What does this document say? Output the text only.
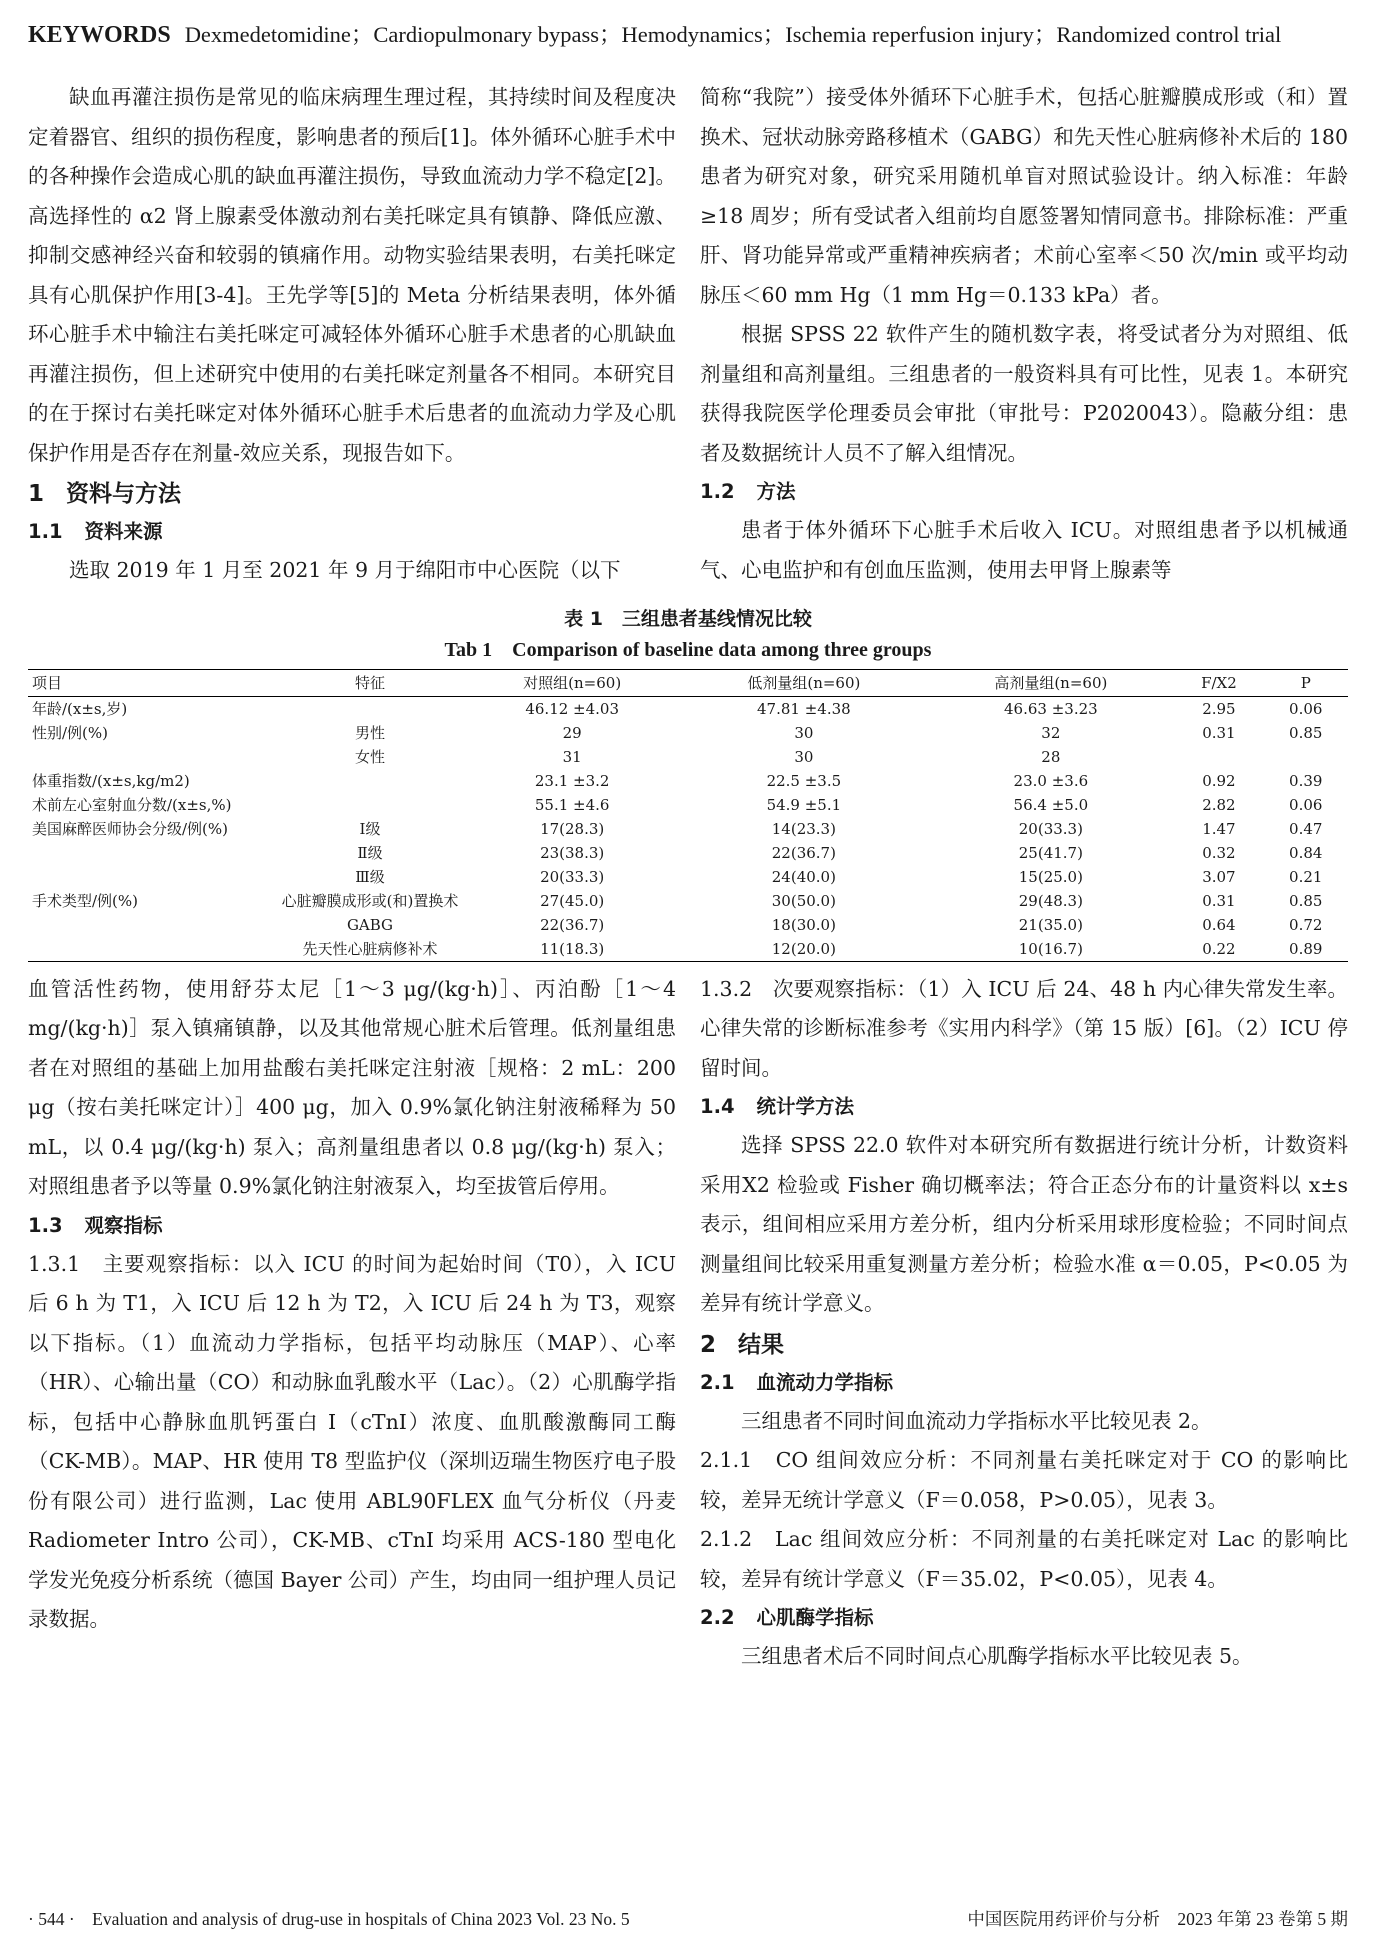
KEYWORDS Dexmedetomidine；Cardiopulmonary bypass；Hemodynamics；Ischemia reperfusion injury；Randomized control trial

缺血再灌注损伤是常见的临床病理生理过程，其持续时间及程度决定着器官、组织的损伤程度，影响患者的预后[1]。体外循环心脏手术中的各种操作会造成心肌的缺血再灌注损伤，导致血流动力学不稳定[2]。高选择性的 α2 肾上腺素受体激动剂右美托咪定具有镇静、降低应激、抑制交感神经兴奋和较弱的镇痛作用。动物实验结果表明，右美托咪定具有心肌保护作用[3-4]。王先学等[5]的 Meta 分析结果表明，体外循环心脏手术中输注右美托咪定可减轻体外循环心脏手术患者的心肌缺血再灌注损伤，但上述研究中使用的右美托咪定剂量各不相同。本研究目的在于探讨右美托咪定对体外循环心脏手术后患者的血流动力学及心肌保护作用是否存在剂量-效应关系，现报告如下。

1 资料与方法
1.1 资料来源

选取 2019 年 1 月至 2021 年 9 月于绵阳市中心医院（以下

简称“我院”）接受体外循环下心脏手术，包括心脏瓣膜成形或（和）置换术、冠状动脉旁路移植术（GABG）和先天性心脏病修补术后的 180 患者为研究对象，研究采用随机单盲对照试验设计。纳入标准：年龄≥18 周岁；所有受试者入组前均自愿签署知情同意书。排除标准：严重肝、肾功能异常或严重精神疾病者；术前心室率＜50 次/min 或平均动脉压＜60 mm Hg（1 mm Hg＝0.133 kPa）者。

根据 SPSS 22 软件产生的随机数字表，将受试者分为对照组、低剂量组和高剂量组。三组患者的一般资料具有可比性，见表 1。本研究获得我院医学伦理委员会审批（审批号：P2020043）。隐蔽分组：患者及数据统计人员不了解入组情况。

1.2 方法

患者于体外循环下心脏手术后收入 ICU。对照组患者予以机械通气、心电监护和有创血压监测，使用去甲肾上腺素等

表 1　三组患者基线情况比较
Tab 1　Comparison of baseline data among three groups
项目	特征	对照组(n=60)	低剂量组(n=60)	高剂量组(n=60)	F/X2	P
年龄/(x±s,岁)		46.12 ±4.03	47.81 ±4.38	46.63 ±3.23	2.95	0.06
性别/例(%)	男性	29	30	32	0.31	0.85
	女性	31	30	28		
体重指数/(x±s,kg/m2)		23.1 ±3.2	22.5 ±3.5	23.0 ±3.6	0.92	0.39
术前左心室射血分数/(x±s,%)		55.1 ±4.6	54.9 ±5.1	56.4 ±5.0	2.82	0.06
美国麻醉医师协会分级/例(%)	Ⅰ级	17(28.3)	14(23.3)	20(33.3)	1.47	0.47
	Ⅱ级	23(38.3)	22(36.7)	25(41.7)	0.32	0.84
	Ⅲ级	20(33.3)	24(40.0)	15(25.0)	3.07	0.21
手术类型/例(%)	心脏瓣膜成形或(和)置换术	27(45.0)	30(50.0)	29(48.3)	0.31	0.85
	GABG	22(36.7)	18(30.0)	21(35.0)	0.64	0.72
	先天性心脏病修补术	11(18.3)	12(20.0)	10(16.7)	0.22	0.89

血管活性药物，使用舒芬太尼［1～3 μg/(kg·h)］、丙泊酚［1～4 mg/(kg·h)］泵入镇痛镇静，以及其他常规心脏术后管理。低剂量组患者在对照组的基础上加用盐酸右美托咪定注射液［规格：2 mL：200 μg（按右美托咪定计）］400 μg，加入 0.9%氯化钠注射液稀释为 50 mL，以 0.4 μg/(kg·h) 泵入；高剂量组患者以 0.8 μg/(kg·h) 泵入；对照组患者予以等量 0.9%氯化钠注射液泵入，均至拔管后停用。

1.3 观察指标

1.3.1　主要观察指标：以入 ICU 的时间为起始时间（T0），入 ICU 后 6 h 为 T1，入 ICU 后 12 h 为 T2，入 ICU 后 24 h 为 T3，观察以下指标。（1）血流动力学指标，包括平均动脉压（MAP）、心率（HR）、心输出量（CO）和动脉血乳酸水平（Lac）。（2）心肌酶学指标，包括中心静脉血肌钙蛋白 I（cTnI）浓度、血肌酸激酶同工酶（CK-MB）。MAP、HR 使用 T8 型监护仪（深圳迈瑞生物医疗电子股份有限公司）进行监测，Lac 使用 ABL90FLEX 血气分析仪（丹麦 Radiometer Intro 公司），CK-MB、cTnI 均采用 ACS-180 型电化学发光免疫分析系统（德国 Bayer 公司）产生，均由同一组护理人员记录数据。

1.3.2　次要观察指标：（1）入 ICU 后 24、48 h 内心律失常发生率。心律失常的诊断标准参考《实用内科学》（第 15 版）[6]。（2）ICU 停留时间。

1.4 统计学方法

选择 SPSS 22.0 软件对本研究所有数据进行统计分析，计数资料采用X2 检验或 Fisher 确切概率法；符合正态分布的计量资料以 x±s 表示，组间相应采用方差分析，组内分析采用球形度检验；不同时间点测量组间比较采用重复测量方差分析；检验水准 α＝0.05，P<0.05 为差异有统计学意义。

2 结果
2.1 血流动力学指标

三组患者不同时间血流动力学指标水平比较见表 2。

2.1.1　CO 组间效应分析：不同剂量右美托咪定对于 CO 的影响比较，差异无统计学意义（F＝0.058，P>0.05），见表 3。

2.1.2　Lac 组间效应分析：不同剂量的右美托咪定对 Lac 的影响比较，差异有统计学意义（F＝35.02，P<0.05），见表 4。

2.2 心肌酶学指标

三组患者术后不同时间点心肌酶学指标水平比较见表 5。

· 544 ·　Evaluation and analysis of drug-use in hospitals of China 2023 Vol. 23 No. 5	中国医院用药评价与分析　2023 年第 23 卷第 5 期
